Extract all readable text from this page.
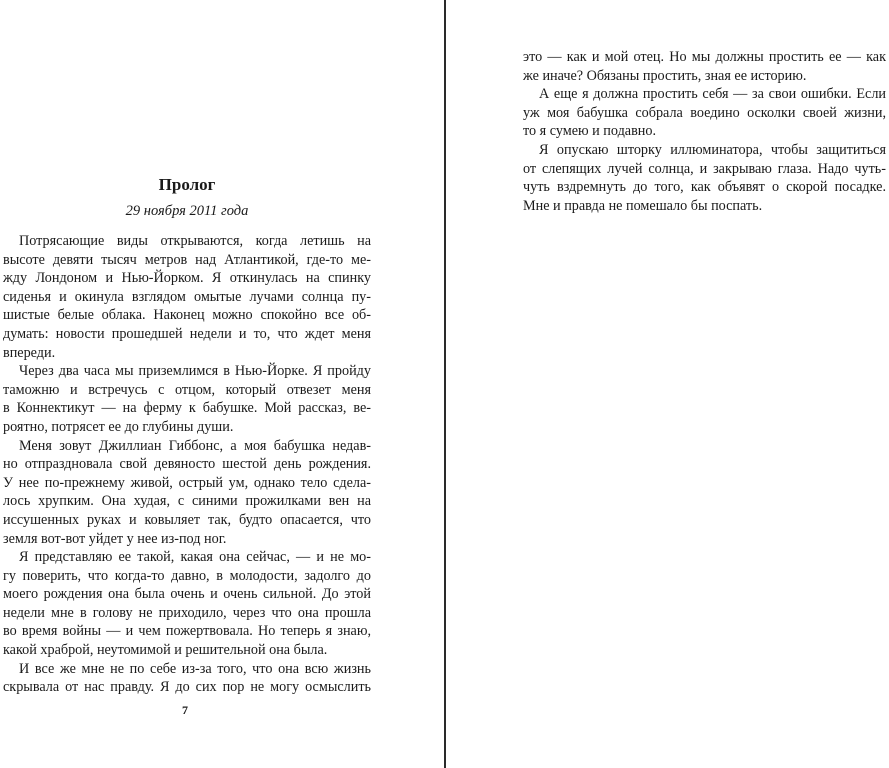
Пролог
29 ноября 2011 года
Потрясающие виды открываются, когда летишь на
высоте девяти тысяч метров над Атлантикой, где-то ме-
жду Лондоном и Нью-Йорком. Я откинулась на спинку
сиденья и окинула взглядом омытые лучами солнца пу-
шистые белые облака. Наконец можно спокойно все об-
думать: новости прошедшей недели и то, что ждет меня
впереди.
Через два часа мы приземлимся в Нью-Йорке. Я пройду
таможню и встречусь с отцом, который отвезет меня
в Коннектикут — на ферму к бабушке. Мой рассказ, ве-
роятно, потрясет ее до глубины души.
Меня зовут Джиллиан Гиббонс, а моя бабушка недав-
но отпраздновала свой девяносто шестой день рождения.
У нее по-прежнему живой, острый ум, однако тело сдела-
лось хрупким. Она худая, с синими прожилками вен на
иссушенных руках и ковыляет так, будто опасается, что
земля вот-вот уйдет у нее из-под ног.
Я представляю ее такой, какая она сейчас, — и не мо-
гу поверить, что когда-то давно, в молодости, задолго до
моего рождения она была очень и очень сильной. До этой
недели мне в голову не приходило, через что она прошла
во время войны — и чем пожертвовала. Но теперь я знаю,
какой храброй, неутомимой и решительной она была.
И все же мне не по себе из-за того, что она всю жизнь
скрывала от нас правду. Я до сих пор не могу осмыслить
7
это — как и мой отец. Но мы должны простить ее — как
же иначе? Обязаны простить, зная ее историю.
А еще я должна простить себя — за свои ошибки. Если
уж моя бабушка собрала воедино осколки своей жизни,
то я сумею и подавно.
Я опускаю шторку иллюминатора, чтобы защититься
от слепящих лучей солнца, и закрываю глаза. Надо чуть-
чуть вздремнуть до того, как объявят о скорой посадке.
Мне и правда не помешало бы поспать.
